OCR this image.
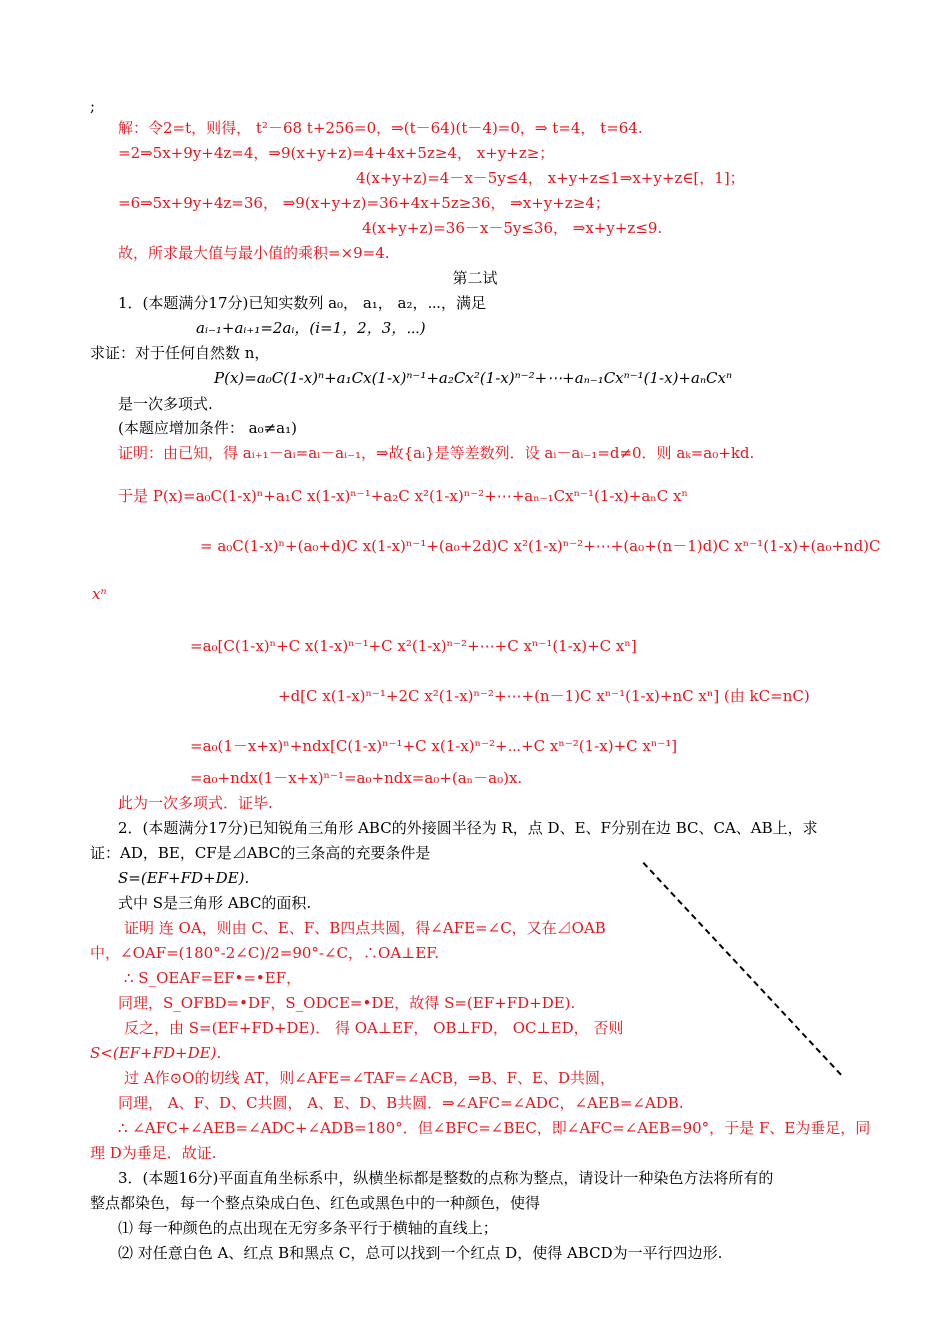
;
解：令2=t，则得， t²－68 t+256=0，⇒(t－64)(t－4)=0，⇒ t=4， t=64.
=2⇒5x+9y+4z=4，⇒9(x+y+z)=4+4x+5z≥4， x+y+z≥；
4(x+y+z)=4－x－5y≤4， x+y+z≤1⇒x+y+z∈[，1]；
=6⇒5x+9y+4z=36， ⇒9(x+y+z)=36+4x+5z≥36， ⇒x+y+z≥4；
4(x+y+z)=36－x－5y≤36， ⇒x+y+z≤9.
故，所求最大值与最小值的乘积=×9=4.
第二试
1．(本题满分17分)已知实数列 a₀， a₁， a₂，⋯，满足
aᵢ₋₁+aᵢ₊₁=2aᵢ，(i=1，2，3，⋯)
求证：对于任何自然数 n，
P(x)=a₀C(1-x)ⁿ+a₁Cx(1-x)ⁿ⁻¹+a₂Cx²(1-x)ⁿ⁻²+⋯+aₙ₋₁Cxⁿ⁻¹(1-x)+aₙCxⁿ
是一次多项式.
(本题应增加条件： a₀≠a₁)
证明：由已知，得 aᵢ₊₁－aᵢ=aᵢ－aᵢ₋₁，⇒故{aᵢ}是等差数列．设 aᵢ－aᵢ₋₁=d≠0．则 aₖ=a₀+kd.
于是 P(x)=a₀C(1-x)ⁿ+a₁C x(1-x)ⁿ⁻¹+a₂C x²(1-x)ⁿ⁻²+⋯+aₙ₋₁Cxⁿ⁻¹(1-x)+aₙC xⁿ
= a₀C(1-x)ⁿ+(a₀+d)C x(1-x)ⁿ⁻¹+(a₀+2d)C x²(1-x)ⁿ⁻²+⋯+(a₀+(n－1)d)C xⁿ⁻¹(1-x)+(a₀+nd)C
xⁿ
=a₀[C(1-x)ⁿ+C x(1-x)ⁿ⁻¹+C x²(1-x)ⁿ⁻²+⋯+C xⁿ⁻¹(1-x)+C xⁿ]
+d[C x(1-x)ⁿ⁻¹+2C x²(1-x)ⁿ⁻²+⋯+(n－1)C xⁿ⁻¹(1-x)+nC xⁿ] (由 kC=nC)
=a₀(1－x+x)ⁿ+ndx[C(1-x)ⁿ⁻¹+C x(1-x)ⁿ⁻²+⋯+C xⁿ⁻²(1-x)+C xⁿ⁻¹]
=a₀+ndx(1－x+x)ⁿ⁻¹=a₀+ndx=a₀+(aₙ－a₀)x.
此为一次多项式．证毕.
2．(本题满分17分)已知锐角三角形 ABC的外接圆半径为 R，点 D、E、F分别在边 BC、CA、AB上，求
证：AD，BE，CF是⊿ABC的三条高的充要条件是
S=(EF+FD+DE).
式中 S是三角形 ABC的面积.
证明 连 OA，则由 C、E、F、B四点共圆，得∠AFE=∠C，又在⊿OAB
中，∠OAF=(180°-2∠C)/2=90°-∠C，∴OA⊥EF.
∴ S_OEAF=EF•=•EF，
同理，S_OFBD=•DF，S_ODCE=•DE，故得 S=(EF+FD+DE).
反之，由 S=(EF+FD+DE)． 得 OA⊥EF， OB⊥FD， OC⊥ED， 否则
S<(EF+FD+DE).
过 A作⊙O的切线 AT，则∠AFE=∠TAF=∠ACB，⇒B、F、E、D共圆，
同理， A、F、D、C共圆， A、E、D、B共圆．⇒∠AFC=∠ADC，∠AEB=∠ADB.
∴ ∠AFC+∠AEB=∠ADC+∠ADB=180°．但∠BFC=∠BEC，即∠AFC=∠AEB=90°，于是 F、E为垂足，同
理 D为垂足．故证.
3．(本题16分)平面直角坐标系中，纵横坐标都是整数的点称为整点，请设计一种染色方法将所有的
整点都染色，每一个整点染成白色、红色或黑色中的一种颜色，使得
⑴ 每一种颜色的点出现在无穷多条平行于横轴的直线上；
⑵ 对任意白色 A、红点 B和黑点 C，总可以找到一个红点 D，使得 ABCD为一平行四边形.
